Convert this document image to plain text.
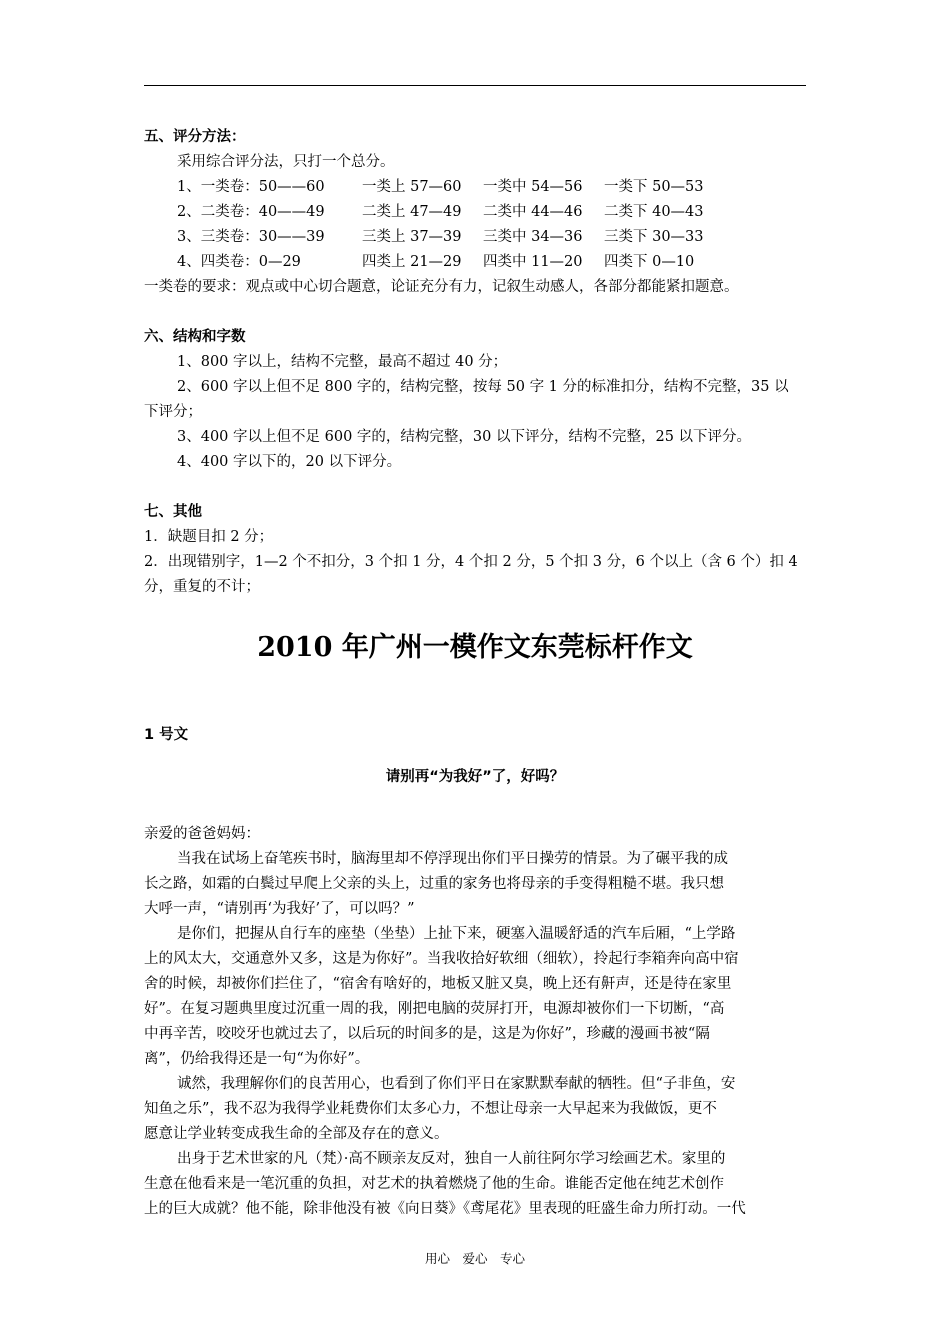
五、评分方法：
采用综合评分法，只打一个总分。
1、一类卷：50——60	一类上 57—60 一类中 54—56 一类下 50—53
2、二类卷：40——49	二类上 47—49 二类中 44—46 二类下 40—43
3、三类卷：30——39	三类上 37—39 三类中 34—36 三类下 30—33
4、四类卷：0—29	四类上 21—29 四类中 11—20 四类下 0—10
一类卷的要求：观点或中心切合题意，论证充分有力，记叙生动感人，各部分都能紧扣题意。
六、结构和字数
1、800 字以上，结构不完整，最高不超过 40 分；
2、600 字以上但不足 800 字的，结构完整，按每 50 字 1 分的标准扣分，结构不完整，35 以
下评分；
3、400 字以上但不足 600 字的，结构完整，30 以下评分，结构不完整，25 以下评分。
4、400 字以下的，20 以下评分。
七、其他
1．缺题目扣 2 分；
2．出现错别字，1—2 个不扣分，3 个扣 1 分，4 个扣 2 分，5 个扣 3 分，6 个以上（含 6 个）扣 4
分，重复的不计；
2010 年广州一模作文东莞标杆作文
1 号文
请别再“为我好”了，好吗？
亲爱的爸爸妈妈：
当我在试场上奋笔疾书时，脑海里却不停浮现出你们平日操劳的情景。为了碾平我的成
长之路，如霜的白鬓过早爬上父亲的头上，过重的家务也将母亲的手变得粗糙不堪。我只想
大呼一声，“请别再‘为我好’了，可以吗？”
是你们，把握从自行车的座垫（坐垫）上扯下来，硬塞入温暖舒适的汽车后厢，“上学路
上的风太大，交通意外又多，这是为你好”。当我收拾好软细（细软），拎起行李箱奔向高中宿
舍的时候，却被你们拦住了，“宿舍有啥好的，地板又脏又臭，晚上还有鼾声，还是待在家里
好”。在复习题典里度过沉重一周的我，刚把电脑的荧屏打开，电源却被你们一下切断，“高
中再辛苦，咬咬牙也就过去了，以后玩的时间多的是，这是为你好”，珍藏的漫画书被“隔
离”，仍给我得还是一句“为你好”。
诚然，我理解你们的良苦用心，也看到了你们平日在家默默奉献的牺牲。但“子非鱼，安
知鱼之乐”，我不忍为我得学业耗费你们太多心力，不想让母亲一大早起来为我做饭，更不
愿意让学业转变成我生命的全部及存在的意义。
出身于艺术世家的凡（梵）·高不顾亲友反对，独自一人前往阿尔学习绘画艺术。家里的
生意在他看来是一笔沉重的负担，对艺术的执着燃烧了他的生命。谁能否定他在纯艺术创作
上的巨大成就？他不能，除非他没有被《向日葵》《鸢尾花》里表现的旺盛生命力所打动。一代
用心　爱心　专心
